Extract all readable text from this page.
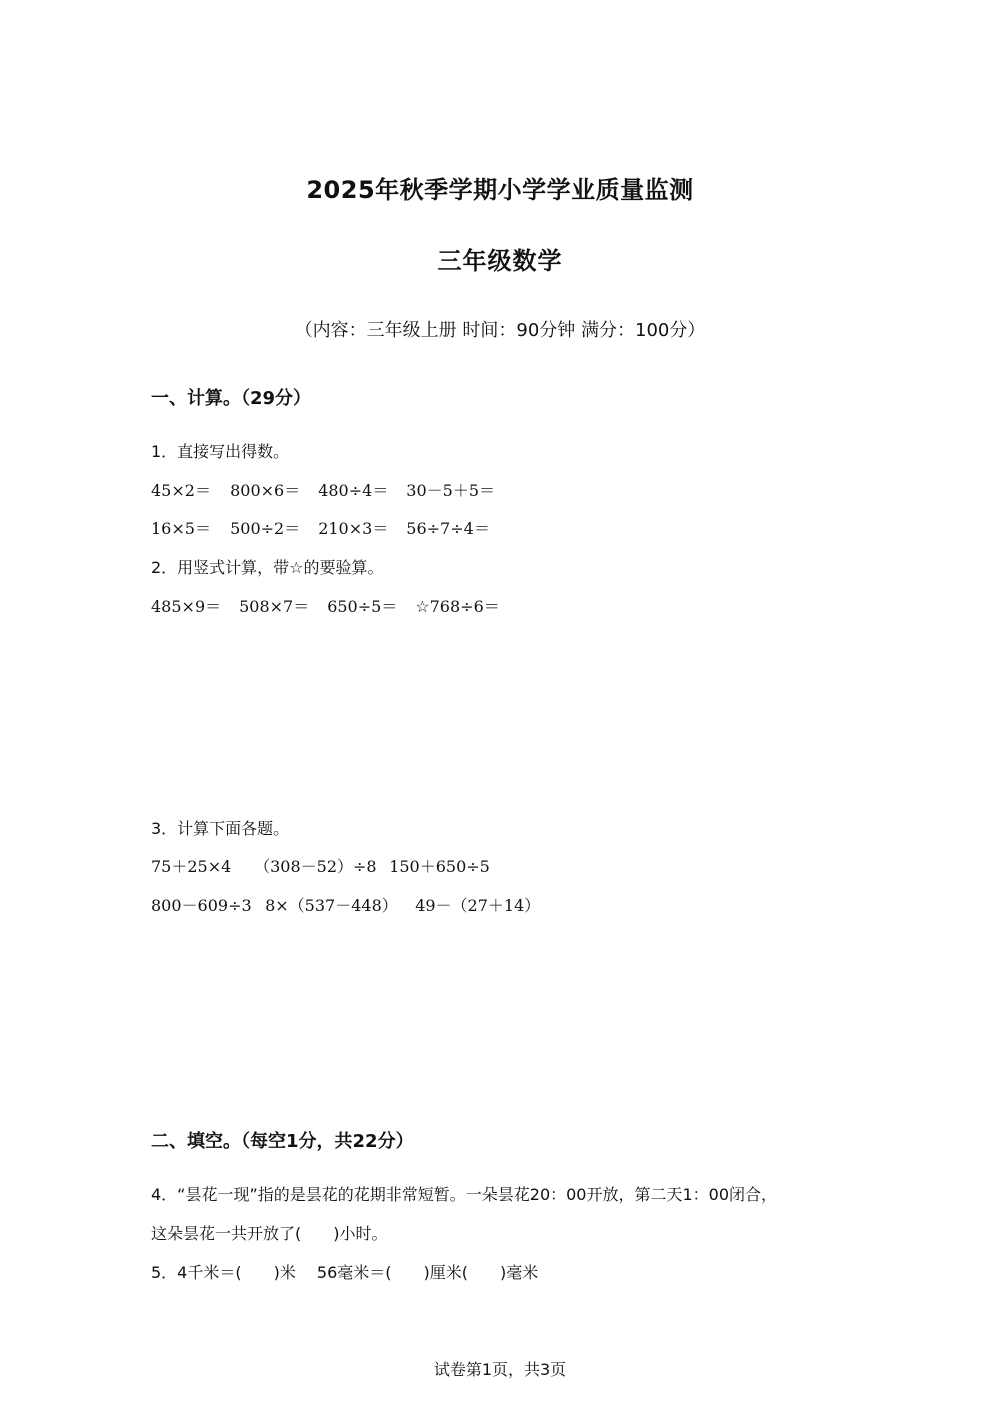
2025年秋季学期小学学业质量监测
三年级数学
（内容：三年级上册 时间：90分钟 满分：100分）
一、计算。（29分）
1．直接写出得数。
45×2＝ 800×6＝ 480÷4＝ 30－5＋5＝
16×5＝ 500÷2＝ 210×3＝ 56÷7÷4＝
2．用竖式计算，带☆的要验算。
485×9＝ 508×7＝ 650÷5＝ ☆768÷6＝
3．计算下面各题。
75＋25×4 （308－52）÷8 150＋650÷5
800－609÷3 8×（537－448） 49－（27＋14）
二、填空。（每空1分，共22分）
4．“昙花一现”指的是昙花的花期非常短暂。一朵昙花20：00开放，第二天1：00闭合，
这朵昙花一共开放了(　　)小时。
5．4千米＝(　　)米　 56毫米＝(　　)厘米(　　)毫米
试卷第1页，共3页
